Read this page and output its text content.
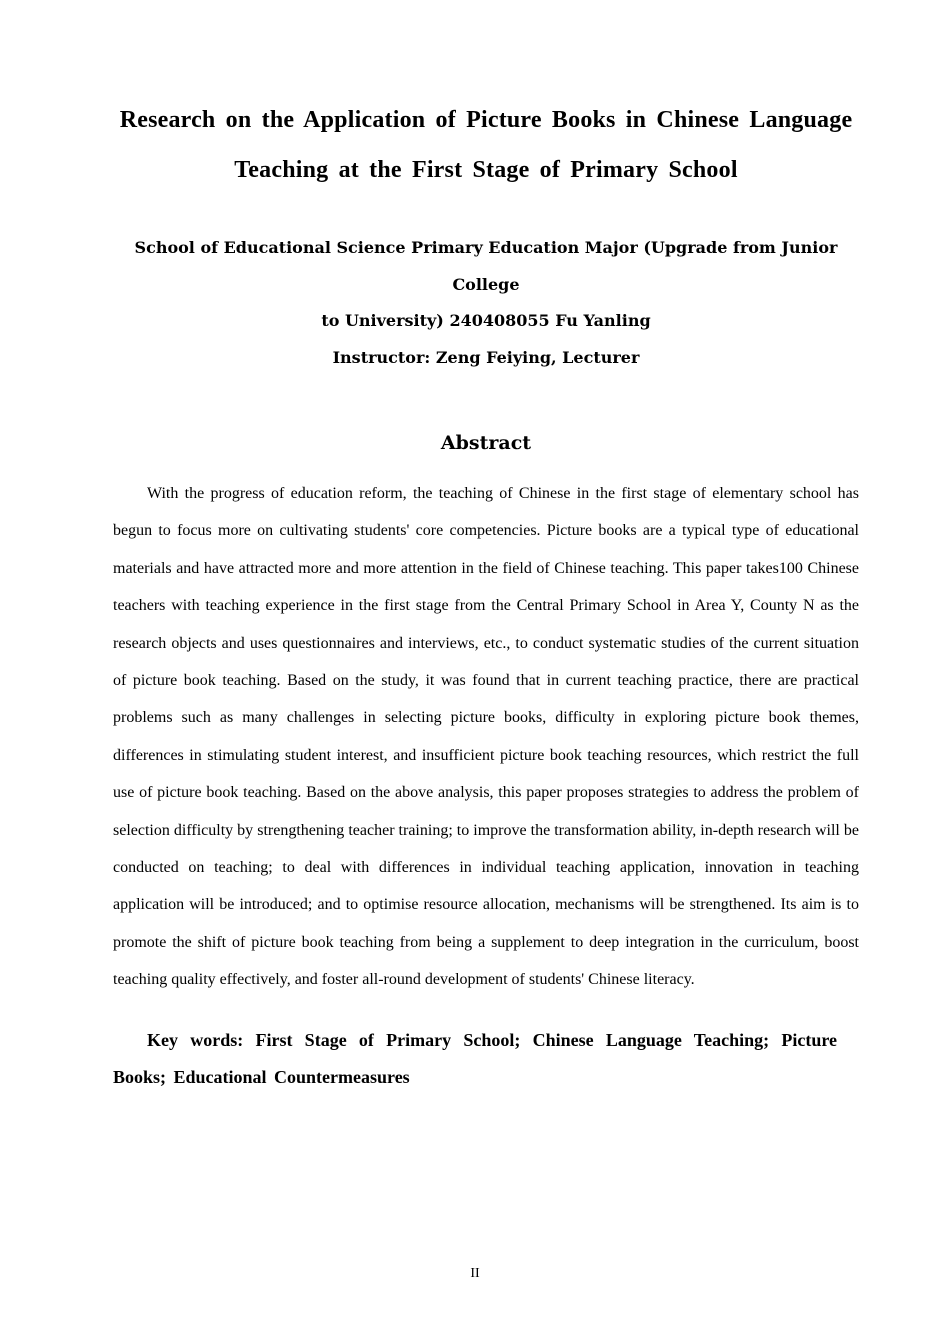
Research on the Application of Picture Books in Chinese Language
Teaching at the First Stage of Primary School
School of Educational Science Primary Education Major (Upgrade from Junior College
to University) 240408055 Fu Yanling
Instructor: Zeng Feiying, Lecturer
Abstract

With the progress of education reform, the teaching of Chinese in the first stage of elementary school has begun to focus more on cultivating students' core competencies. Picture books are a typical type of educational materials and have attracted more and more attention in the field of Chinese teaching. This paper takes100 Chinese teachers with teaching experience in the first stage from the Central Primary School in Area Y, County N as the research objects and uses questionnaires and interviews, etc., to conduct systematic studies of the current situation of picture book teaching. Based on the study, it was found that in current teaching practice, there are practical problems such as many challenges in selecting picture books, difficulty in exploring picture book themes, differences in stimulating student interest, and insufficient picture book teaching resources, which restrict the full use of picture book teaching. Based on the above analysis, this paper proposes strategies to address the problem of selection difficulty by strengthening teacher training; to improve the transformation ability, in-depth research will be conducted on teaching; to deal with differences in individual teaching application, innovation in teaching application will be introduced; and to optimise resource allocation, mechanisms will be strengthened. Its aim is to promote the shift of picture book teaching from being a supplement to deep integration in the curriculum, boost teaching quality effectively, and foster all-round development of students' Chinese literacy.

Key words: First Stage of Primary School; Chinese Language Teaching; Picture Books; Educational Countermeasures

II
